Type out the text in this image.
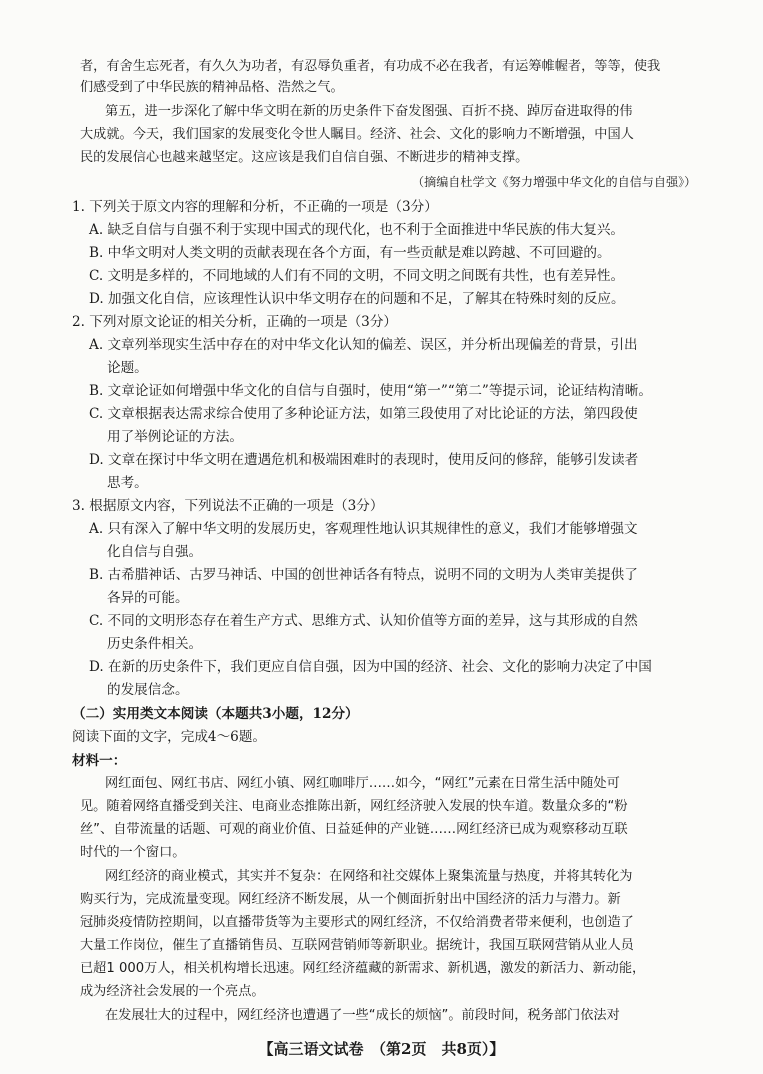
者，有舍生忘死者，有久久为功者，有忍辱负重者，有功成不必在我者，有运筹帷幄者，等等，使我
们感受到了中华民族的精神品格、浩然之气。
第五，进一步深化了解中华文明在新的历史条件下奋发图强、百折不挠、踔厉奋进取得的伟
大成就。今天，我们国家的发展变化令世人瞩目。经济、社会、文化的影响力不断增强，中国人
民的发展信心也越来越坚定。这应该是我们自信自强、不断进步的精神支撑。
（摘编自杜学文《努力增强中华文化的自信与自强》）
1. 下列关于原文内容的理解和分析，不正确的一项是（3分）
A. 缺乏自信与自强不利于实现中国式的现代化，也不利于全面推进中华民族的伟大复兴。
B. 中华文明对人类文明的贡献表现在各个方面，有一些贡献是难以跨越、不可回避的。
C. 文明是多样的，不同地域的人们有不同的文明，不同文明之间既有共性，也有差异性。
D. 加强文化自信，应该理性认识中华文明存在的问题和不足，了解其在特殊时刻的反应。
2. 下列对原文论证的相关分析，正确的一项是（3分）
A. 文章列举现实生活中存在的对中华文化认知的偏差、误区，并分析出现偏差的背景，引出
论题。
B. 文章论证如何增强中华文化的自信与自强时，使用“第一”“第二”等提示词，论证结构清晰。
C. 文章根据表达需求综合使用了多种论证方法，如第三段使用了对比论证的方法，第四段使
用了举例论证的方法。
D. 文章在探讨中华文明在遭遇危机和极端困难时的表现时，使用反问的修辞，能够引发读者
思考。
3. 根据原文内容，下列说法不正确的一项是（3分）
A. 只有深入了解中华文明的发展历史，客观理性地认识其规律性的意义，我们才能够增强文
化自信与自强。
B. 古希腊神话、古罗马神话、中国的创世神话各有特点，说明不同的文明为人类审美提供了
各异的可能。
C. 不同的文明形态存在着生产方式、思维方式、认知价值等方面的差异，这与其形成的自然
历史条件相关。
D. 在新的历史条件下，我们更应自信自强，因为中国的经济、社会、文化的影响力决定了中国
的发展信念。
（二）实用类文本阅读（本题共3小题，12分）
阅读下面的文字，完成4～6题。
材料一：
网红面包、网红书店、网红小镇、网红咖啡厅……如今，“网红”元素在日常生活中随处可
见。随着网络直播受到关注、电商业态推陈出新，网红经济驶入发展的快车道。数量众多的“粉
丝”、自带流量的话题、可观的商业价值、日益延伸的产业链……网红经济已成为观察移动互联
时代的一个窗口。
网红经济的商业模式，其实并不复杂：在网络和社交媒体上聚集流量与热度，并将其转化为
购买行为，完成流量变现。网红经济不断发展，从一个侧面折射出中国经济的活力与潜力。新
冠肺炎疫情防控期间，以直播带货等为主要形式的网红经济，不仅给消费者带来便利，也创造了
大量工作岗位，催生了直播销售员、互联网营销师等新职业。据统计，我国互联网营销从业人员
已超1 000万人，相关机构增长迅速。网红经济蕴藏的新需求、新机遇，激发的新活力、新动能，
成为经济社会发展的一个亮点。
在发展壮大的过程中，网红经济也遭遇了一些“成长的烦恼”。前段时间，税务部门依法对
【高三语文试卷　（第2页　共8页）】
